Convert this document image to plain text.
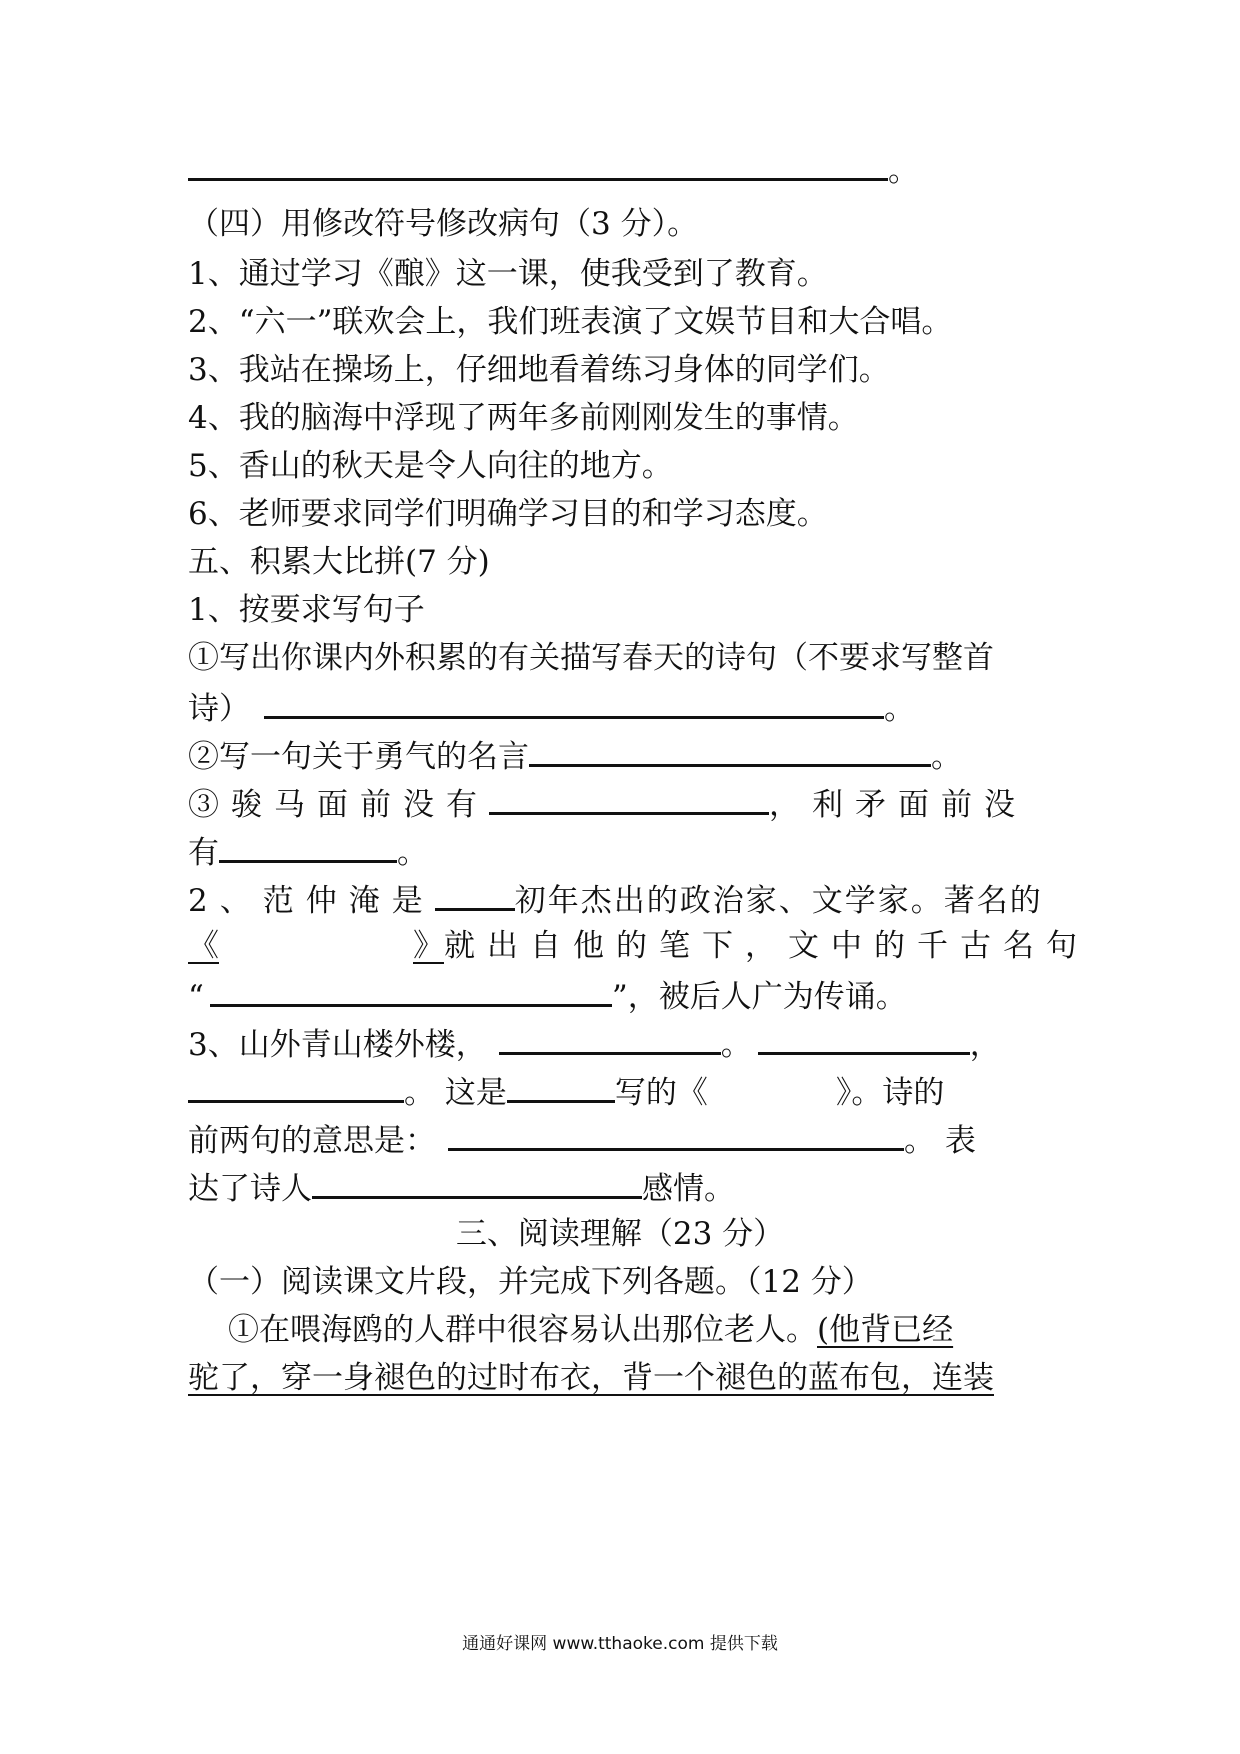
。
（四）用修改符号修改病句（3 分）。
1、通过学习《酿》这一课，使我受到了教育。
2、“六一”联欢会上，我们班表演了文娱节目和大合唱。
3、我站在操场上，仔细地看着练习身体的同学们。
4、我的脑海中浮现了两年多前刚刚发生的事情。
5、香山的秋天是令人向往的地方。
6、老师要求同学们明确学习目的和学习态度。
五、积累大比拼(7 分)
1、按要求写句子
①写出你课内外积累的有关描写春天的诗句（不要求写整首
诗）	。
②写一句关于勇气的名言	。
③骏马面前没有	，利矛面前没
有	。
2、范仲淹是	初年杰出的政治家、文学家。著名的
《	》就出自他的笔下，文中的千古名句
“	”，被后人广为传诵。
3、山外青山楼外楼，	。	，
。 这是	写的《	》。诗的
前两句的意思是：	。 表
达了诗人	感情。
三、阅读理解（23 分）
（一）阅读课文片段，并完成下列各题。（12 分）
①在喂海鸥的人群中很容易认出那位老人。(他背已经
驼了，穿一身褪色的过时布衣，背一个褪色的蓝布包，连装
通通好课网 www.tthaoke.com 提供下载
